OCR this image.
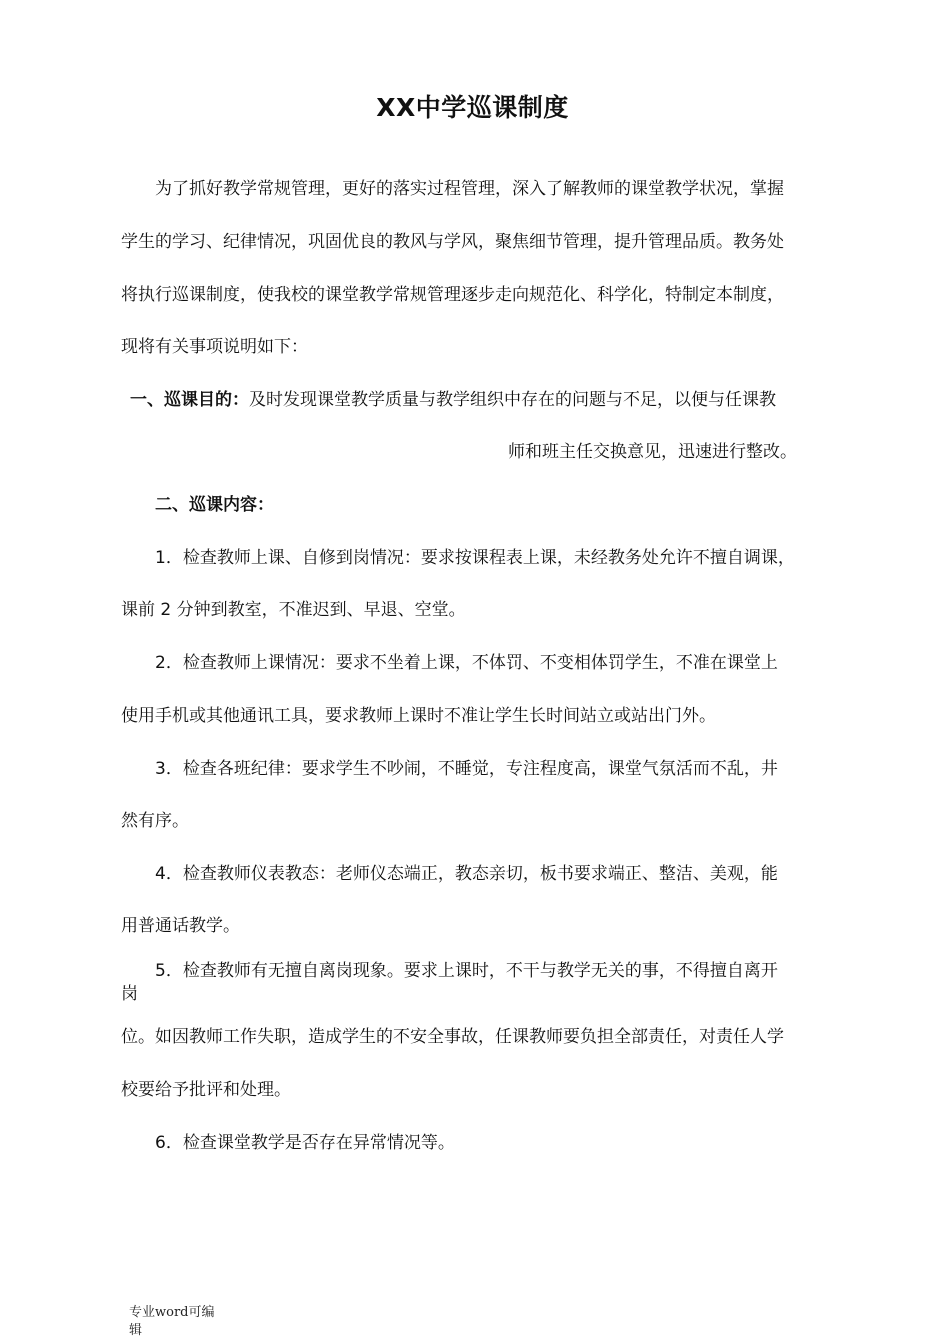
XX中学巡课制度
为了抓好教学常规管理，更好的落实过程管理，深入了解教师的课堂教学状况，掌握
学生的学习、纪律情况，巩固优良的教风与学风，聚焦细节管理，提升管理品质。教务处
将执行巡课制度，使我校的课堂教学常规管理逐步走向规范化、科学化，特制定本制度，
现将有关事项说明如下：
一、巡课目的：及时发现课堂教学质量与教学组织中存在的问题与不足，以便与任课教
师和班主任交换意见，迅速进行整改。
二、巡课内容：
1．检查教师上课、自修到岗情况：要求按课程表上课，未经教务处允许不擅自调课，
课前 2 分钟到教室，不准迟到、早退、空堂。
2．检查教师上课情况：要求不坐着上课，不体罚、不变相体罚学生，不准在课堂上
使用手机或其他通讯工具，要求教师上课时不准让学生长时间站立或站出门外。
3．检查各班纪律：要求学生不吵闹，不睡觉，专注程度高，课堂气氛活而不乱，井
然有序。
4．检查教师仪表教态：老师仪态端正，教态亲切，板书要求端正、整洁、美观，能
用普通话教学。
5．检查教师有无擅自离岗现象。要求上课时，不干与教学无关的事，不得擅自离开
岗
位。如因教师工作失职，造成学生的不安全事故，任课教师要负担全部责任，对责任人学
校要给予批评和处理。
6．检查课堂教学是否存在异常情况等。
专业word可编
辑
